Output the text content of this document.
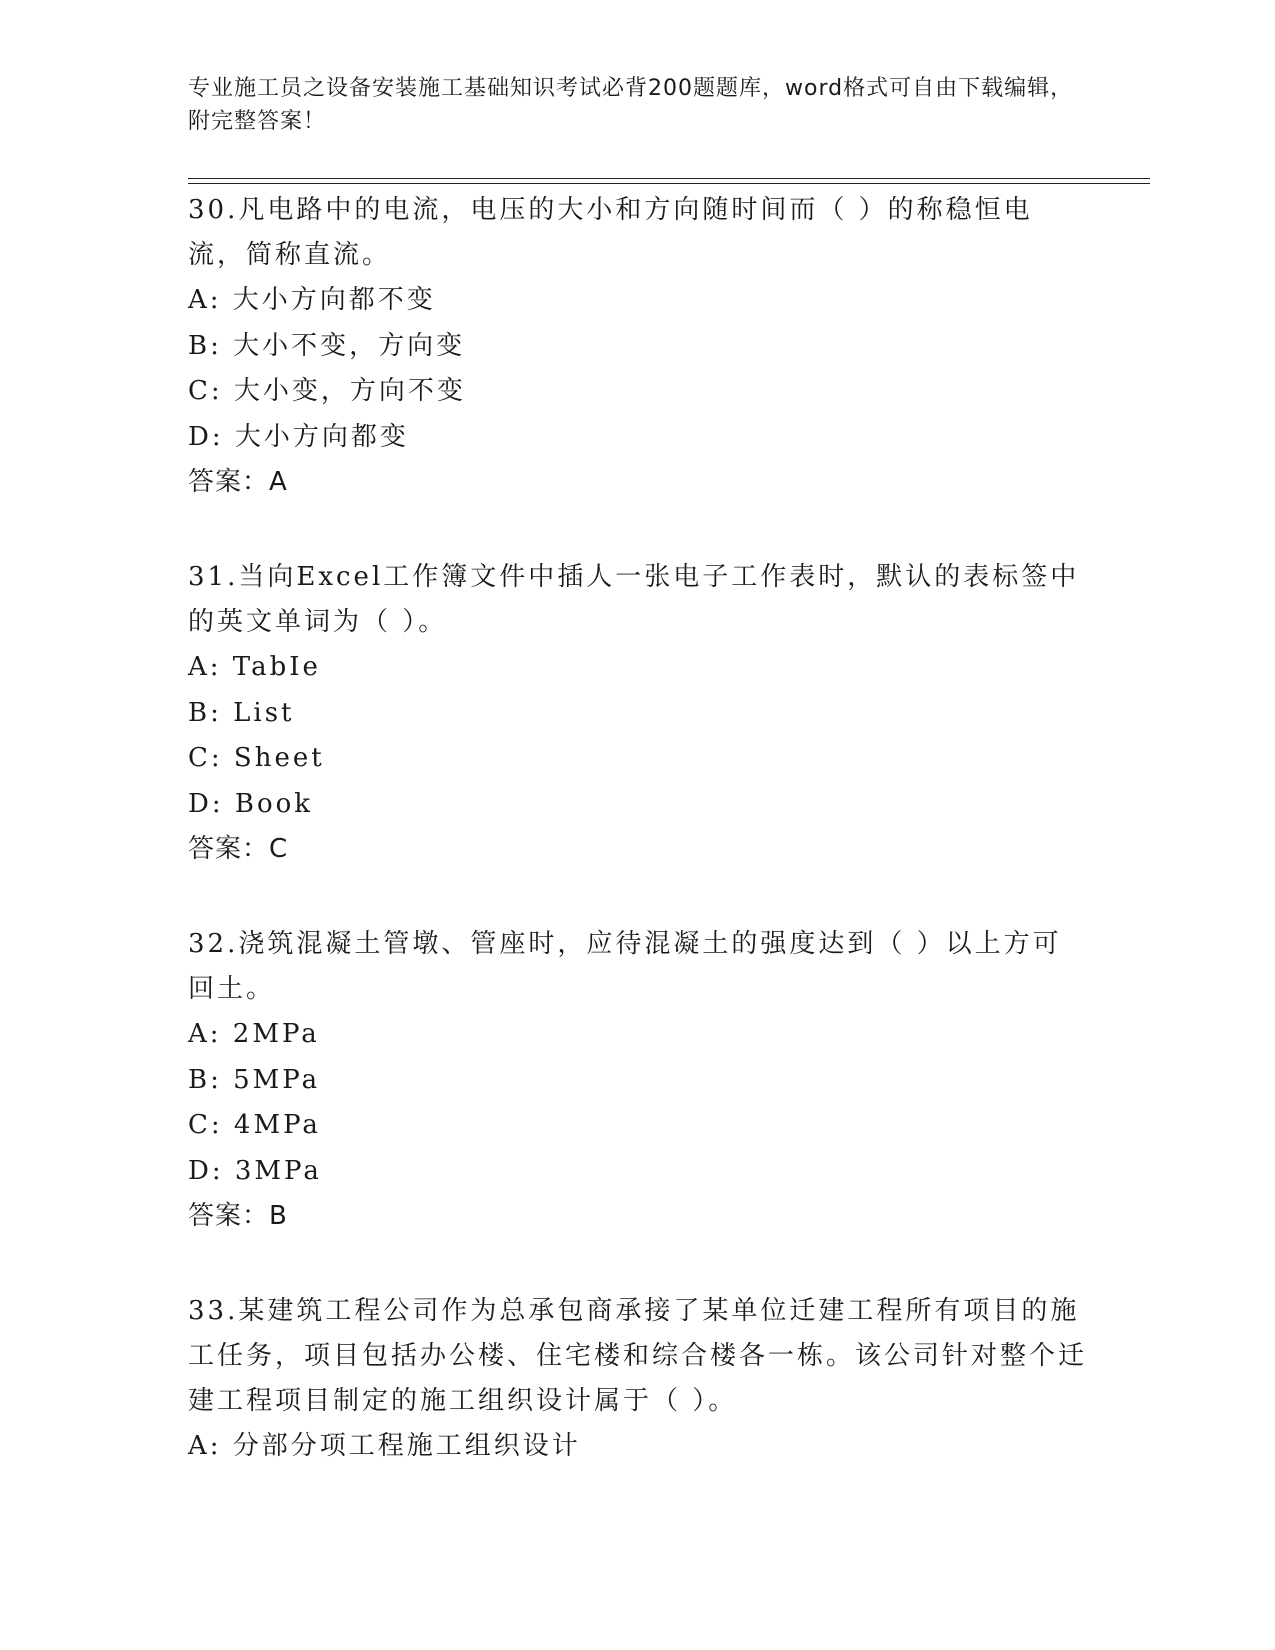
专业施工员之设备安装施工基础知识考试必背200题题库，word格式可自由下载编辑，附完整答案！
30.凡电路中的电流，电压的大小和方向随时间而（ ）的称稳恒电流，简称直流。
A: 大小方向都不变
B: 大小不变，方向变
C: 大小变，方向不变
D: 大小方向都变
答案：A
31.当向Excel工作簿文件中插人一张电子工作表时，默认的表标签中的英文单词为（ ）。
A: TabIe
B: List
C: Sheet
D: Book
答案：C
32.浇筑混凝土管墩、管座时，应待混凝土的强度达到（ ）以上方可回土。
A: 2MPa
B: 5MPa
C: 4MPa
D: 3MPa
答案：B
33.某建筑工程公司作为总承包商承接了某单位迁建工程所有项目的施工任务，项目包括办公楼、住宅楼和综合楼各一栋。该公司针对整个迁建工程项目制定的施工组织设计属于（ ）。
A: 分部分项工程施工组织设计
